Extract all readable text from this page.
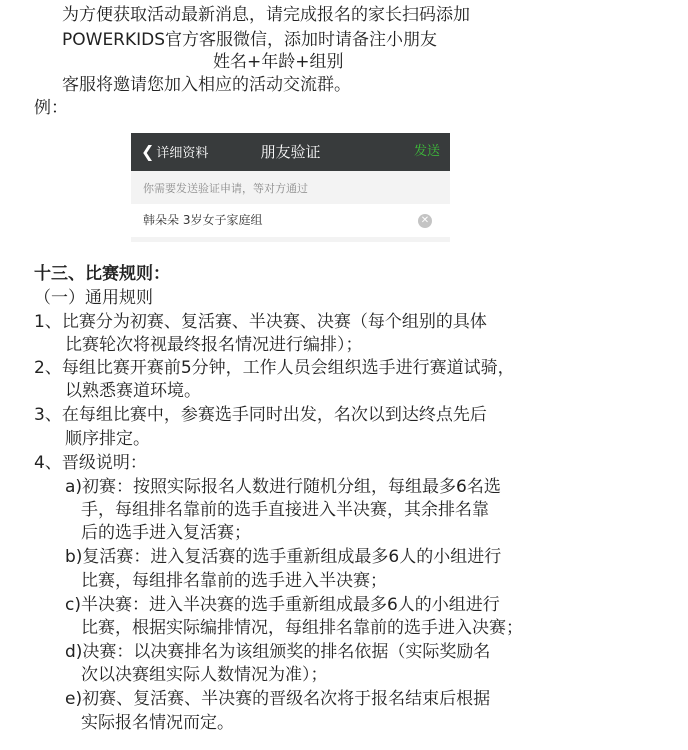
为方便获取活动最新消息，请完成报名的家长扫码添加
POWERKIDS官方客服微信，添加时请备注小朋友
姓名+年龄+组别
客服将邀请您加入相应的活动交流群。
例：
❮ 详细资料	朋友验证	发送
你需要发送验证申请，等对方通过
韩朵朵 3岁女子家庭组	✕
十三、比赛规则：
（一）通用规则
1、比赛分为初赛、复活赛、半决赛、决赛（每个组别的具体
比赛轮次将视最终报名情况进行编排）；
2、每组比赛开赛前5分钟，工作人员会组织选手进行赛道试骑，
以熟悉赛道环境。
3、在每组比赛中，参赛选手同时出发，名次以到达终点先后
顺序排定。
4、晋级说明：
a)初赛：按照实际报名人数进行随机分组，每组最多6名选
手，每组排名靠前的选手直接进入半决赛，其余排名靠
后的选手进入复活赛；
b)复活赛：进入复活赛的选手重新组成最多6人的小组进行
比赛，每组排名靠前的选手进入半决赛；
c)半决赛：进入半决赛的选手重新组成最多6人的小组进行
比赛，根据实际编排情况，每组排名靠前的选手进入决赛；
d)决赛：以决赛排名为该组颁奖的排名依据（实际奖励名
次以决赛组实际人数情况为准）；
e)初赛、复活赛、半决赛的晋级名次将于报名结束后根据
实际报名情况而定。
